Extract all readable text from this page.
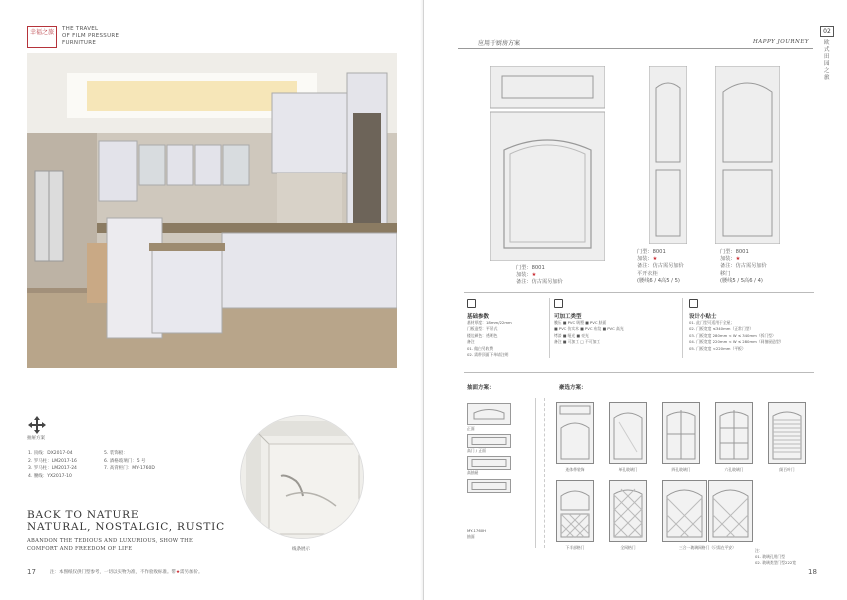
幸福之旅	THE TRAVEL
OF FILM PRESSURE
FURNITURE
抽屉方案
1. 顶线：DX2017-04
2. 罗马柱：LM2017-16
3. 罗马柱：LM2017-24
4. 腰线：YX2017-10
5. 装饰板：
6. 酒格玻璃门：5 号
7. 高背柜门：MY-1760D
BACK TO NATURE
NATURAL, NOSTALGIC, RUSTIC
ABANDON THE TEDIOUS AND LUXURIOUS, SHOW THE
COMFORT AND FREEDOM OF LIFE	线条展示
17	注：本图纸仅供门型参考，一切以实物为准，不作验收标准。带★需另加价。
应用于厨房方案	HAPPY JOURNEY
02
欧式田园之旅
门型：8001
加装：★
备注：仿古需另加价
门型：8001
加装：★
备注：仿古需另加价
平开衣柜
(腰线6 / 4高5 / 5)
门型：8001
加装：★
备注：仿古需另加价
移门
(腰线5 / 5高6 / 4)
基础参数
基材厚度：18mm/22mm
门板造型：平吊式
楼边颜色：透明色
备注
01. 做白另收费
02. 需带顶面下单请注明
可加工类型
膜压 ■ PVC 吸塑 ■ PVC 肤面
■ PVC 仿实木 ■ PVC 布纹 ■ PVC 高光
烤漆 ■ 哑光 ■ 亮光
备注 ■ 可加工 □ 不可加工
设计小贴士
01. 此门型可适用于全屋；
02. 门板宽度 ≤340mm（正常门型）
03. 门板宽度 280mm < W ≤ 340mm（拆门型）
04. 门板宽度 220mm < W ≤ 280mm（同抽屉造型）
05. 门板宽度 <220mm（平板）
抽面方案：
正面
高门 / 正面
高抽屉
MY-1760H
抽面
豪选方案：
连体带装饰	单孔玻璃门	四孔玻璃门	六孔玻璃门	阁百叶门
下半部格门	全网格门	三合一玻璃网格门（只需在平安）
注：
01. 玻璃孔用门型
02. 玻璃类型门型222宽
18
